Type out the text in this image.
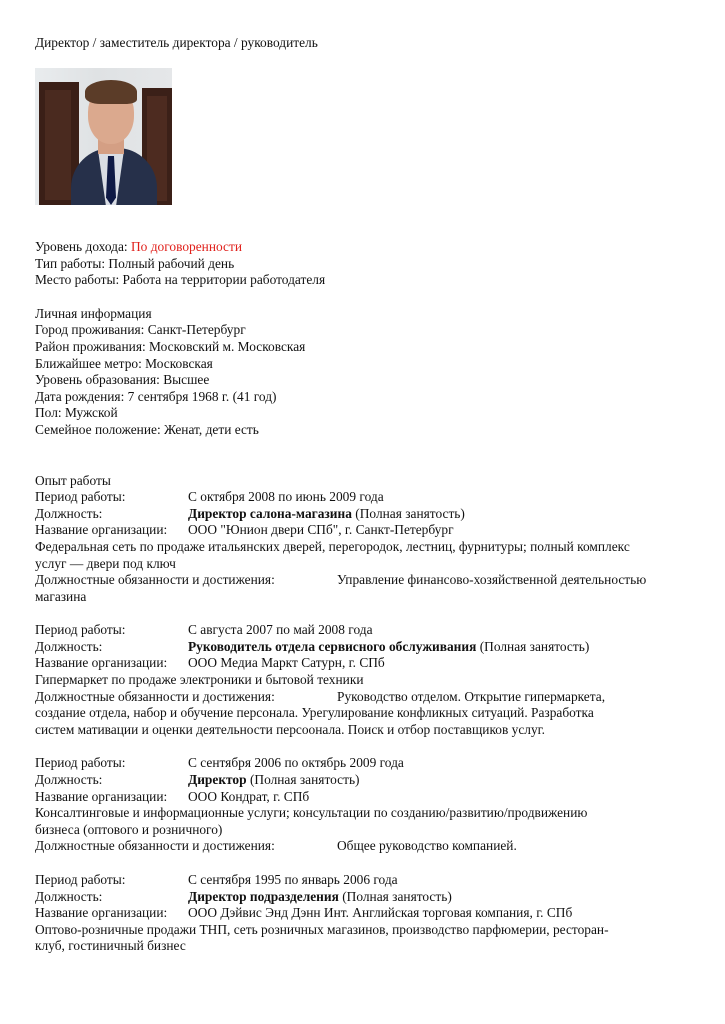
Директор / заместитель директора / руководитель
Уровень дохода: По договоренности
Тип работы: Полный рабочий день
Место работы: Работа на территории работодателя
Личная информация
Город проживания: Санкт-Петербург
Район проживания: Московский м. Московская
Ближайшее метро: Московская
Уровень образования: Высшее
Дата рождения: 7 сентября 1968 г. (41 год)
Пол: Мужской
Семейное положение: Женат, дети есть
Опыт работы
Период работы:	С октября 2008 по июнь 2009 года
Должность:	Директор салона-магазина (Полная занятость)
Название организации: ООО "Юнион двери СПб", г. Санкт-Петербург
Федеральная сеть по продаже итальянских дверей, перегородок, лестниц, фурнитуры; полный комплекс
услуг — двери под ключ
Должностные обязанности и достижения:	Управление финансово-хозяйственной деятельностью
магазина
Период работы:	С августа 2007 по май 2008 года
Должность:	Руководитель отдела сервисного обслуживания (Полная занятость)
Название организации: ООО Медиа Маркт Сатурн, г. СПб
Гипермаркет по продаже электроники и бытовой техники
Должностные обязанности и достижения:	Руководство отделом. Открытие гипермаркета,
создание отдела, набор и обучение персонала. Урегулирование конфликных ситуаций. Разработка
систем мативации и оценки деятельности персоонала. Поиск и отбор поставщиков услуг.
Период работы:	С сентября 2006 по октябрь 2009 года
Должность:	Директор (Полная занятость)
Название организации: ООО Кондрат, г. СПб
Консалтинговые и информационные услуги; консультации по созданию/развитию/продвижению
бизнеса (оптового и розничного)
Должностные обязанности и достижения:	Общее руководство компанией.
Период работы:	С сентября 1995 по январь 2006 года
Должность:	Директор подразделения (Полная занятость)
Название организации: ООО Дэйвис Энд Дэнн Инт. Английская торговая компания, г. СПб
Оптово-розничные продажи ТНП, сеть розничных магазинов, производство парфюмерии, ресторан-
клуб, гостиничный бизнес
